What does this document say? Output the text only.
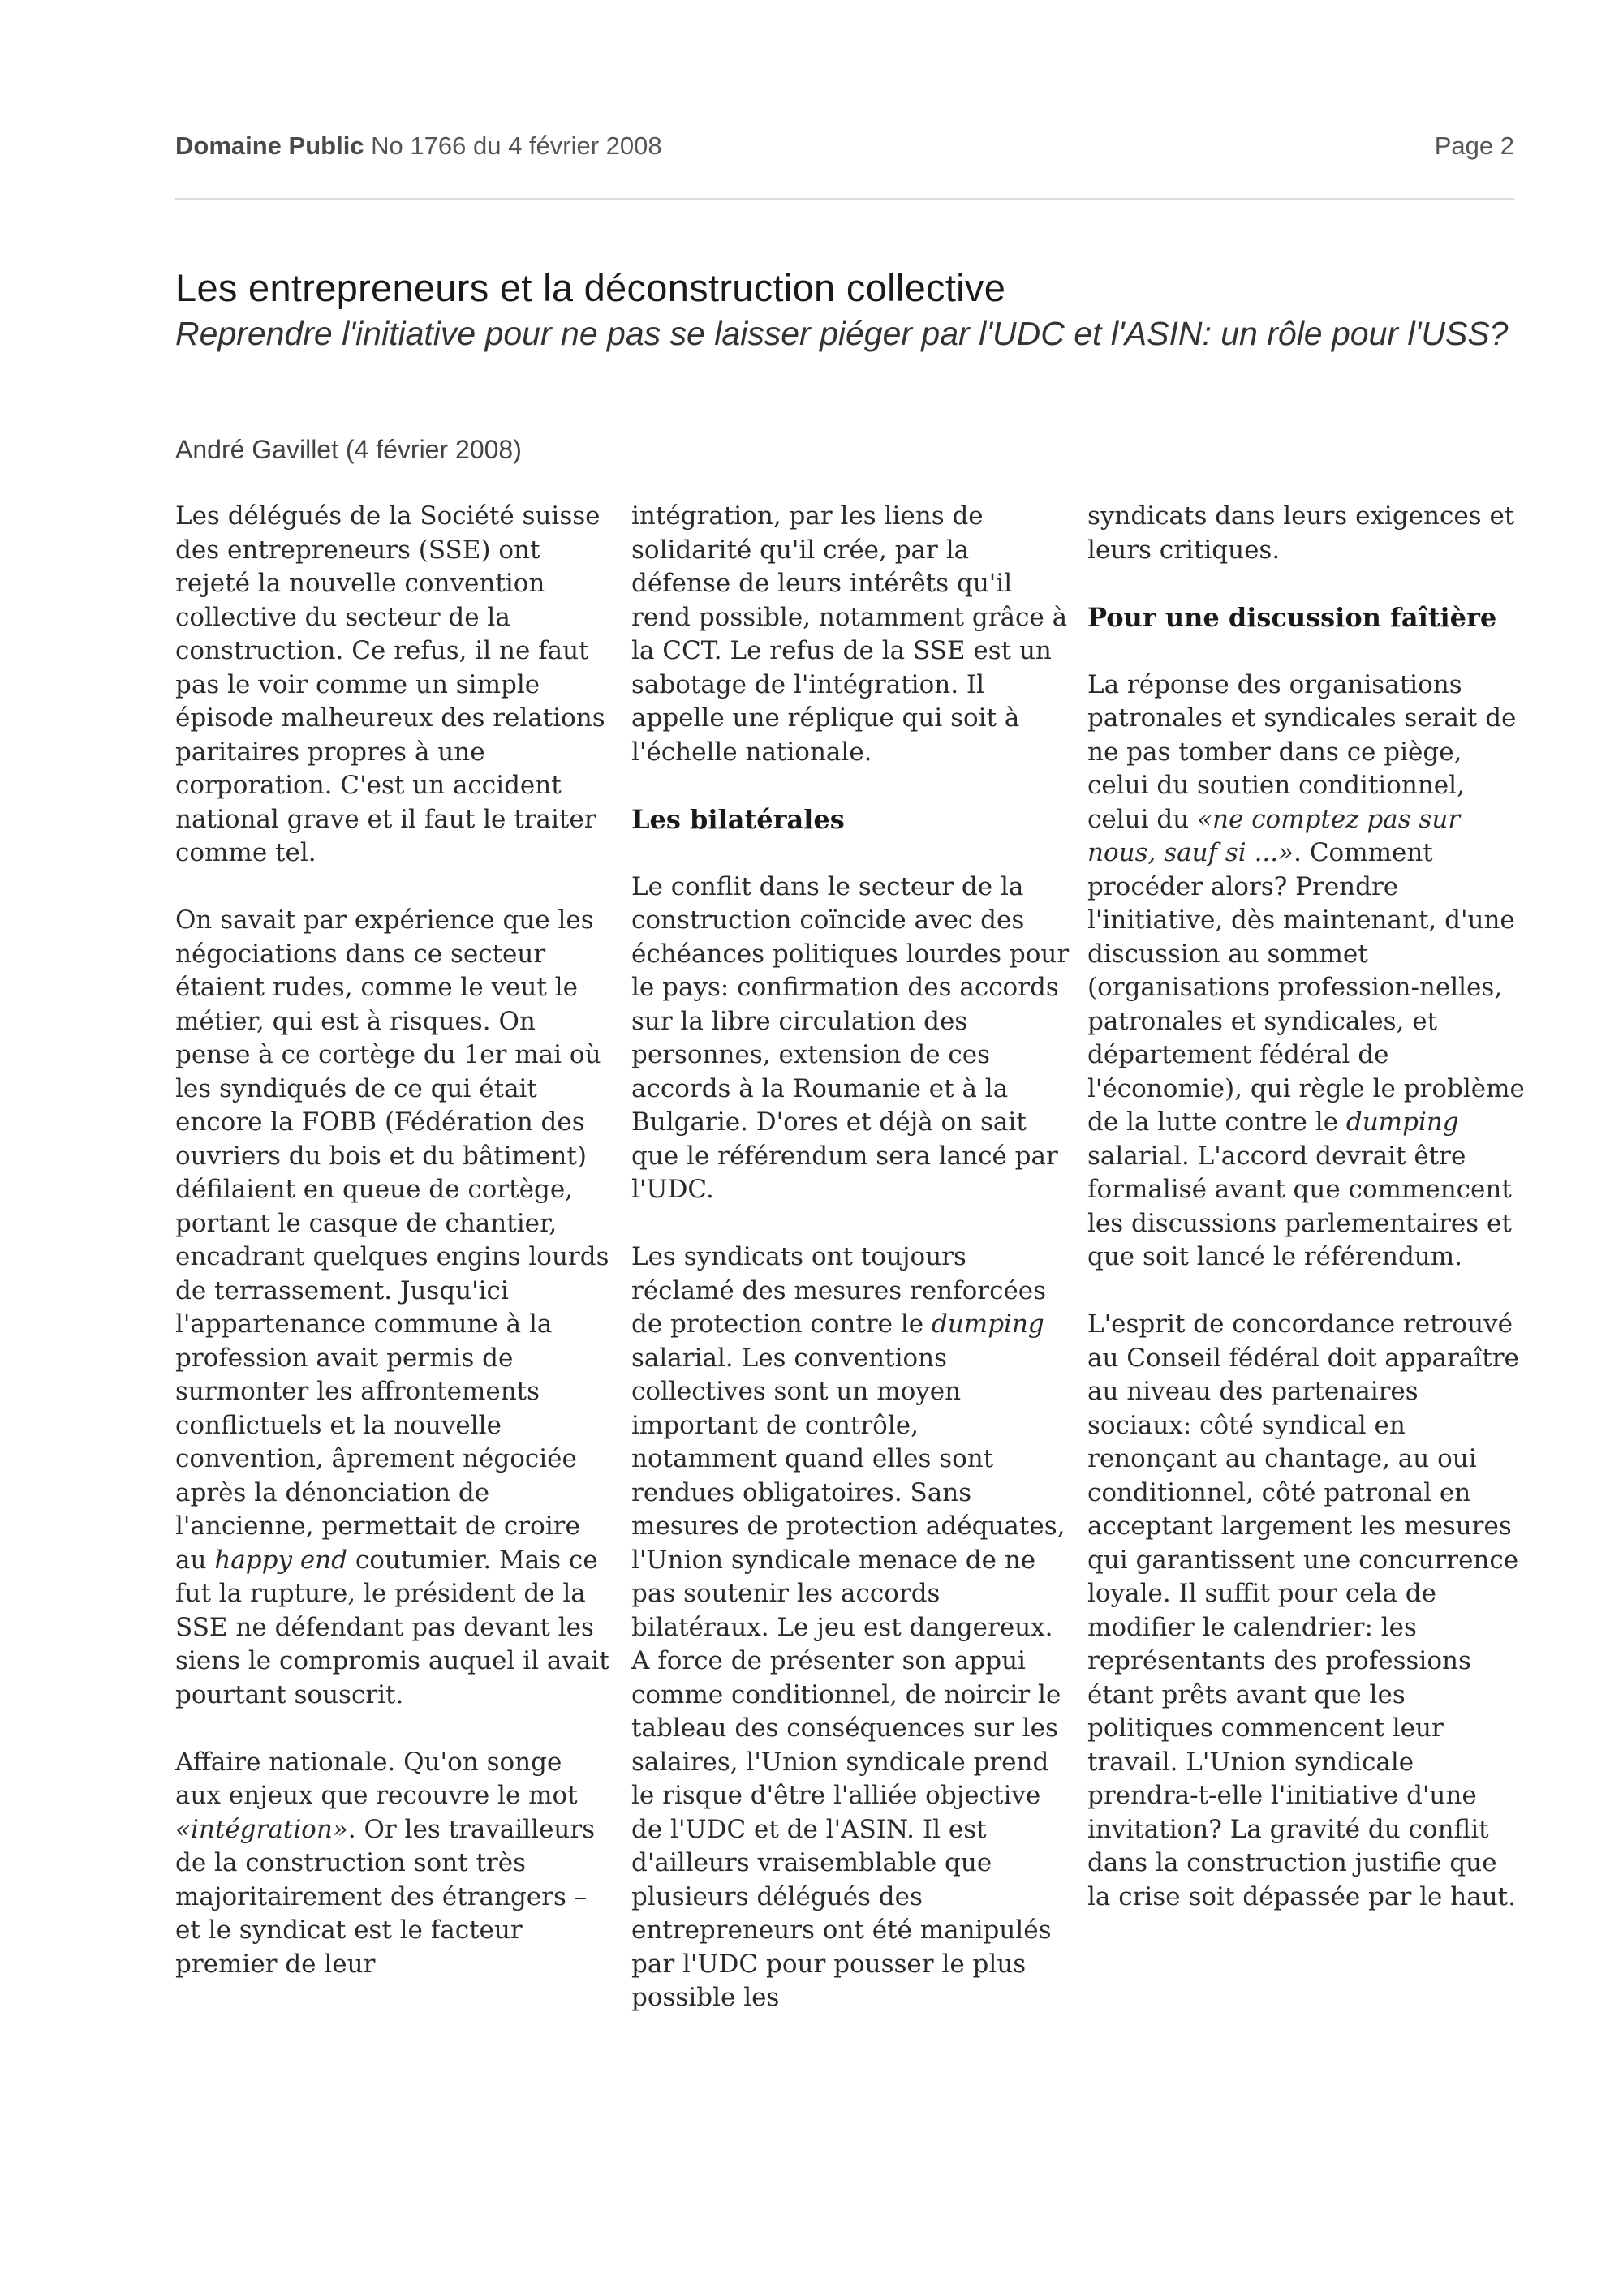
Domaine Public No 1766 du 4 février 2008	Page 2
Les entrepreneurs et la déconstruction collective
Reprendre l'initiative pour ne pas se laisser piéger par l'UDC et l'ASIN: un rôle pour l'USS?
André Gavillet (4 février 2008)

Les délégués de la Société suisse des entrepreneurs (SSE) ont rejeté la nouvelle convention collective du secteur de la construction. Ce refus, il ne faut pas le voir comme un simple épisode malheureux des relations paritaires propres à une corporation. C'est un accident national grave et il faut le traiter comme tel.

On savait par expérience que les négociations dans ce secteur étaient rudes, comme le veut le métier, qui est à risques. On pense à ce cortège du 1er mai où les syndiqués de ce qui était encore la FOBB (Fédération des ouvriers du bois et du bâtiment) défilaient en queue de cortège, portant le casque de chantier, encadrant quelques engins lourds de terrassement. Jusqu'ici l'appartenance commune à la profession avait permis de surmonter les affrontements conflictuels et la nouvelle convention, âprement négociée après la dénonciation de l'ancienne, permettait de croire au happy end coutumier. Mais ce fut la rupture, le président de la SSE ne défendant pas devant les siens le compromis auquel il avait pourtant souscrit.

Affaire nationale. Qu'on songe aux enjeux que recouvre le mot «intégration». Or les travailleurs de la construction sont très majoritairement des étrangers – et le syndicat est le facteur premier de leur

intégration, par les liens de solidarité qu'il crée, par la défense de leurs intérêts qu'il rend possible, notamment grâce à la CCT. Le refus de la SSE est un sabotage de l'intégration. Il appelle une réplique qui soit à l'échelle nationale.

Les bilatérales

Le conflit dans le secteur de la construction coïncide avec des échéances politiques lourdes pour le pays: confirmation des accords sur la libre circulation des personnes, extension de ces accords à la Roumanie et à la Bulgarie. D'ores et déjà on sait que le référendum sera lancé par l'UDC.

Les syndicats ont toujours réclamé des mesures renforcées de protection contre le dumping salarial. Les conventions collectives sont un moyen important de contrôle, notamment quand elles sont rendues obligatoires. Sans mesures de protection adéquates, l'Union syndicale menace de ne pas soutenir les accords bilatéraux. Le jeu est dangereux. A force de présenter son appui comme conditionnel, de noircir le tableau des conséquences sur les salaires, l'Union syndicale prend le risque d'être l'alliée objective de l'UDC et de l'ASIN. Il est d'ailleurs vraisemblable que plusieurs délégués des entrepreneurs ont été manipulés par l'UDC pour pousser le plus possible les

syndicats dans leurs exigences et leurs critiques.

Pour une discussion faîtière

La réponse des organisations patronales et syndicales serait de ne pas tomber dans ce piège, celui du soutien conditionnel, celui du «ne comptez pas sur nous, sauf si ...». Comment procéder alors? Prendre l'initiative, dès maintenant, d'une discussion au sommet (organisations profession-nelles, patronales et syndicales, et département fédéral de l'économie), qui règle le problème de la lutte contre le dumping salarial. L'accord devrait être formalisé avant que commencent les discussions parlementaires et que soit lancé le référendum.

L'esprit de concordance retrouvé au Conseil fédéral doit apparaître au niveau des partenaires sociaux: côté syndical en renonçant au chantage, au oui conditionnel, côté patronal en acceptant largement les mesures qui garantissent une concurrence loyale. Il suffit pour cela de modifier le calendrier: les représentants des professions étant prêts avant que les politiques commencent leur travail. L'Union syndicale prendra-t-elle l'initiative d'une invitation? La gravité du conflit dans la construction justifie que la crise soit dépassée par le haut.
